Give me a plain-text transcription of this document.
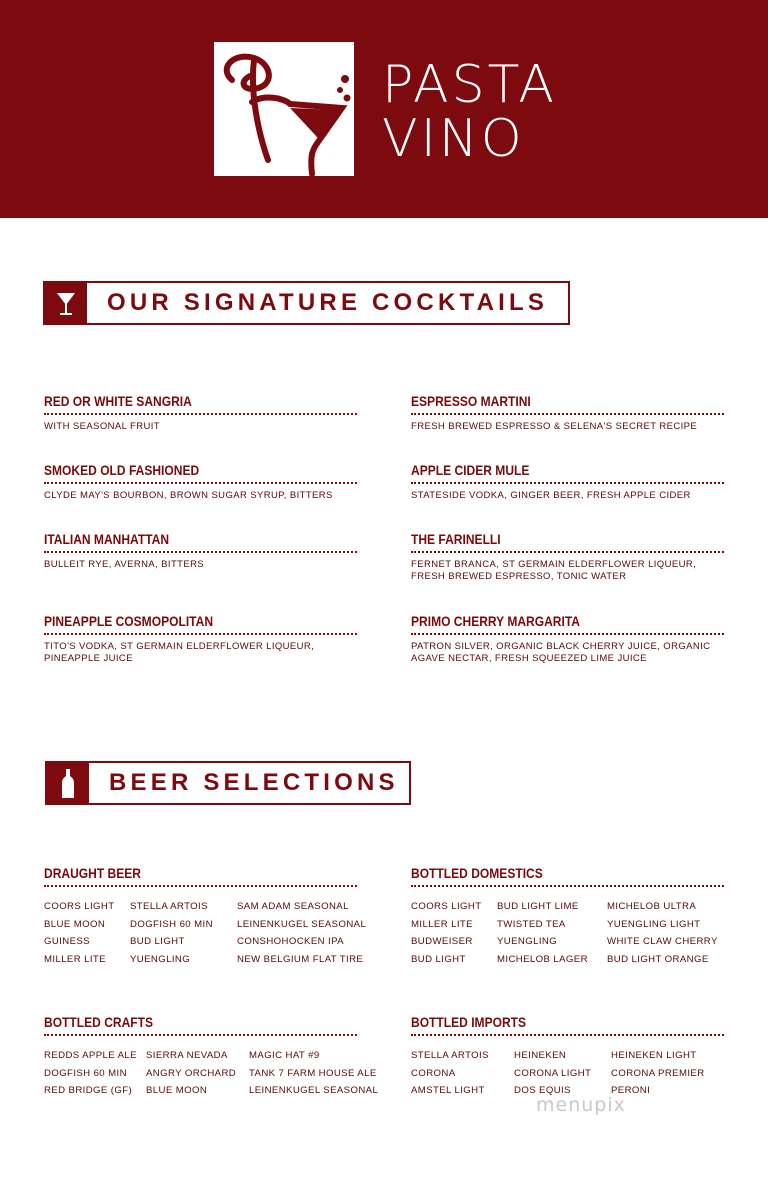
PASTA
VINO
OUR SIGNATURE COCKTAILS
RED OR WHITE SANGRIA
WITH SEASONAL FRUIT
ESPRESSO MARTINI
FRESH BREWED ESPRESSO & SELENA'S SECRET RECIPE
SMOKED OLD FASHIONED
CLYDE MAY'S BOURBON, BROWN SUGAR SYRUP, BITTERS
APPLE CIDER MULE
STATESIDE VODKA, GINGER BEER, FRESH APPLE CIDER
ITALIAN MANHATTAN
BULLEIT RYE, AVERNA, BITTERS
THE FARINELLI
FERNET BRANCA, ST GERMAIN ELDERFLOWER LIQUEUR, FRESH BREWED ESPRESSO, TONIC WATER
PINEAPPLE COSMOPOLITAN
TITO'S VODKA, ST GERMAIN ELDERFLOWER LIQUEUR, PINEAPPLE JUICE
PRIMO CHERRY MARGARITA
PATRON SILVER, ORGANIC BLACK CHERRY JUICE, ORGANIC AGAVE NECTAR, FRESH SQUEEZED LIME JUICE
BEER SELECTIONS
DRAUGHT BEER
COORS LIGHT
BLUE MOON
GUINESS
MILLER LITE
STELLA ARTOIS
DOGFISH 60 MIN
BUD LIGHT
YUENGLING
SAM ADAM SEASONAL
LEINENKUGEL SEASONAL
CONSHOHOCKEN IPA
NEW BELGIUM FLAT TIRE
BOTTLED DOMESTICS
COORS LIGHT
MILLER LITE
BUDWEISER
BUD LIGHT
BUD LIGHT LIME
TWISTED TEA
YUENGLING
MICHELOB LAGER
MICHELOB ULTRA
YUENGLING LIGHT
WHITE CLAW CHERRY
BUD LIGHT ORANGE
BOTTLED CRAFTS
REDDS APPLE ALE
DOGFISH 60 MIN
RED BRIDGE (GF)
SIERRA NEVADA
ANGRY ORCHARD
BLUE MOON
MAGIC HAT #9
TANK 7 FARM HOUSE ALE
LEINENKUGEL SEASONAL
BOTTLED IMPORTS
STELLA ARTOIS
CORONA
AMSTEL LIGHT
HEINEKEN
CORONA LIGHT
DOS EQUIS
HEINEKEN LIGHT
CORONA PREMIER
PERONI
menupix
